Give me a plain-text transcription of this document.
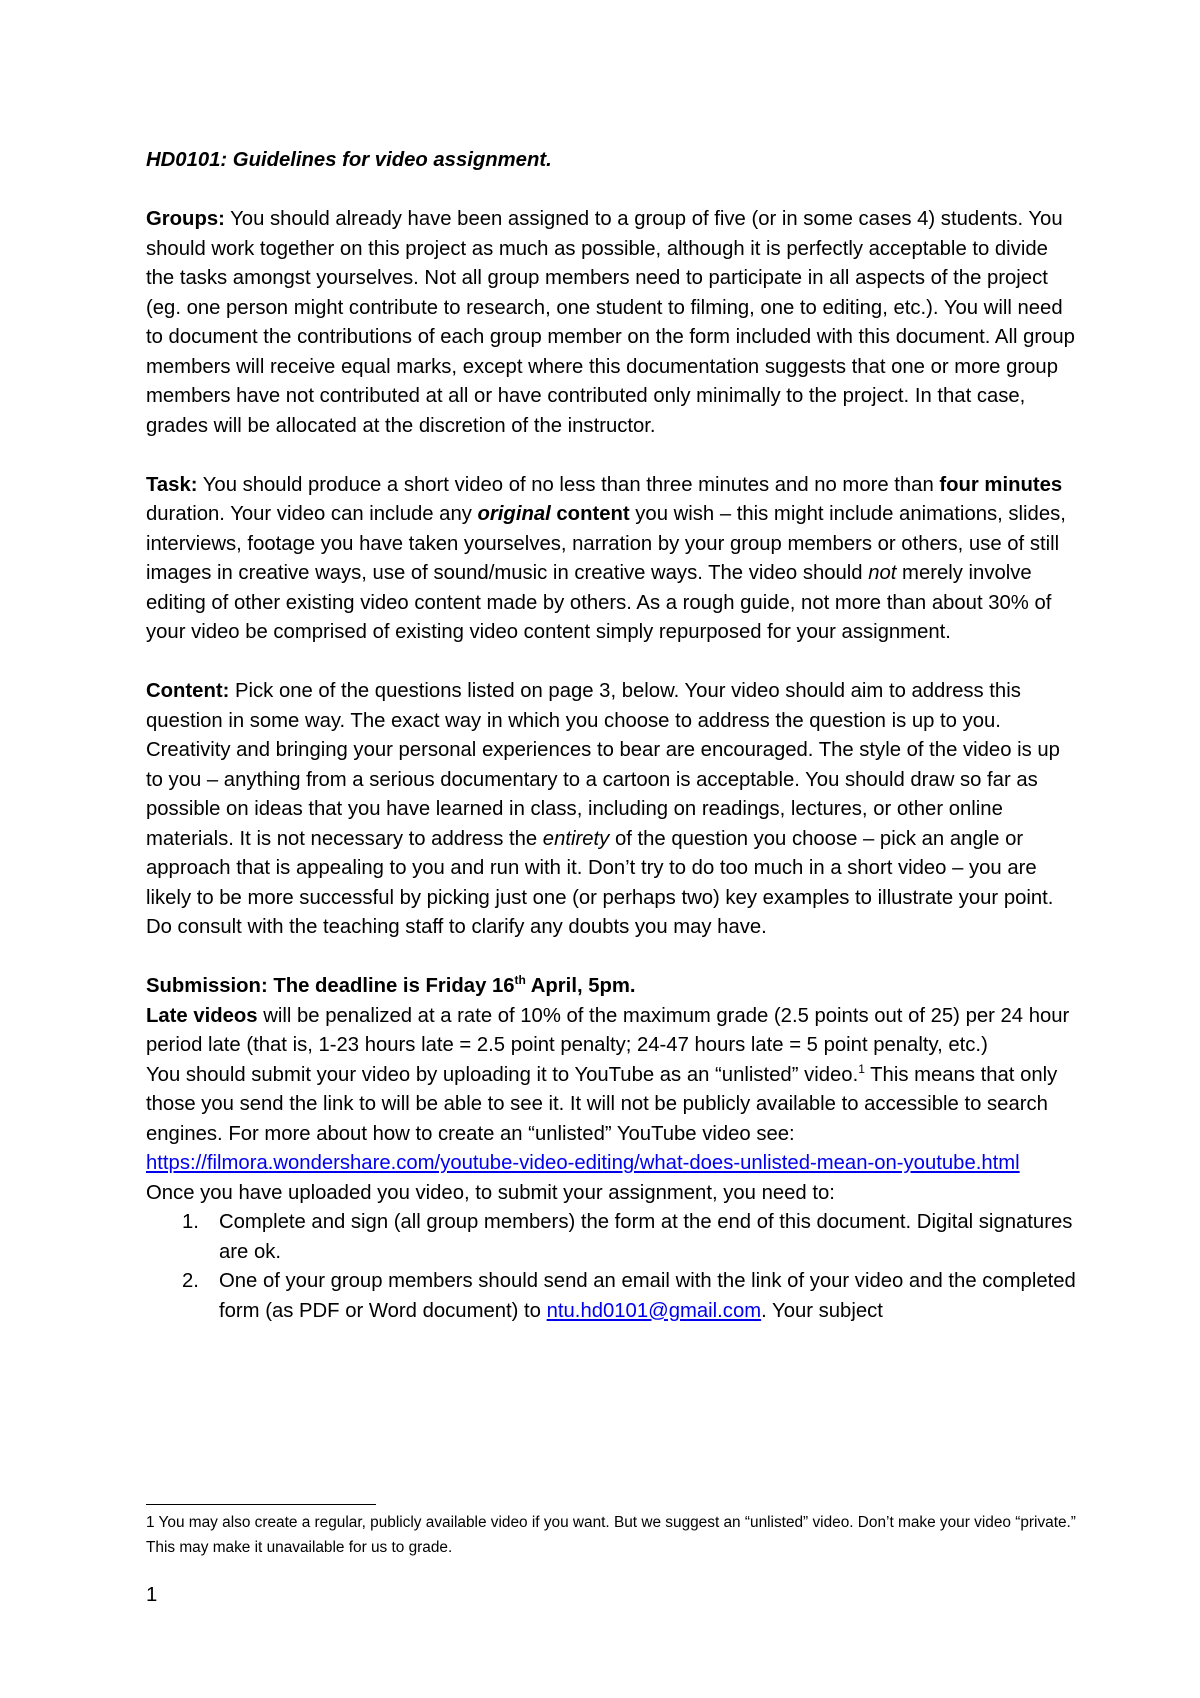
HD0101: Guidelines for video assignment.

Groups: You should already have been assigned to a group of five (or in some cases 4) students. You should work together on this project as much as possible, although it is perfectly acceptable to divide the tasks amongst yourselves. Not all group members need to participate in all aspects of the project (eg. one person might contribute to research, one student to filming, one to editing, etc.). You will need to document the contributions of each group member on the form included with this document. All group members will receive equal marks, except where this documentation suggests that one or more group members have not contributed at all or have contributed only minimally to the project. In that case, grades will be allocated at the discretion of the instructor.

Task: You should produce a short video of no less than three minutes and no more than four minutes duration. Your video can include any original content you wish – this might include animations, slides, interviews, footage you have taken yourselves, narration by your group members or others, use of still images in creative ways, use of sound/music in creative ways. The video should not merely involve editing of other existing video content made by others. As a rough guide, not more than about 30% of your video be comprised of existing video content simply repurposed for your assignment.

Content: Pick one of the questions listed on page 3, below. Your video should aim to address this question in some way. The exact way in which you choose to address the question is up to you. Creativity and bringing your personal experiences to bear are encouraged. The style of the video is up to you – anything from a serious documentary to a cartoon is acceptable. You should draw so far as possible on ideas that you have learned in class, including on readings, lectures, or other online materials. It is not necessary to address the entirety of the question you choose – pick an angle or approach that is appealing to you and run with it. Don’t try to do too much in a short video – you are likely to be more successful by picking just one (or perhaps two) key examples to illustrate your point. Do consult with the teaching staff to clarify any doubts you may have.

Submission: The deadline is Friday 16th April, 5pm.

Late videos will be penalized at a rate of 10% of the maximum grade (2.5 points out of 25) per 24 hour period late (that is, 1-23 hours late = 2.5 point penalty; 24-47 hours late = 5 point penalty, etc.)

You should submit your video by uploading it to YouTube as an “unlisted” video.$^1$ This means that only those you send the link to will be able to see it. It will not be publicly available to accessible to search engines. For more about how to create an “unlisted” YouTube video see: https://filmora.wondershare.com/youtube-video-editing/what-does-unlisted-mean-on-youtube.html

Once you have uploaded you video, to submit your assignment, you need to:

1. Complete and sign (all group members) the form at the end of this document. Digital signatures are ok.
2. One of your group members should send an email with the link of your video and the completed form (as PDF or Word document) to ntu.hd0101@gmail.com. Your subject

1 You may also create a regular, publicly available video if you want. But we suggest an “unlisted” video. Don’t make your video “private.” This may make it unavailable for us to grade.

1
